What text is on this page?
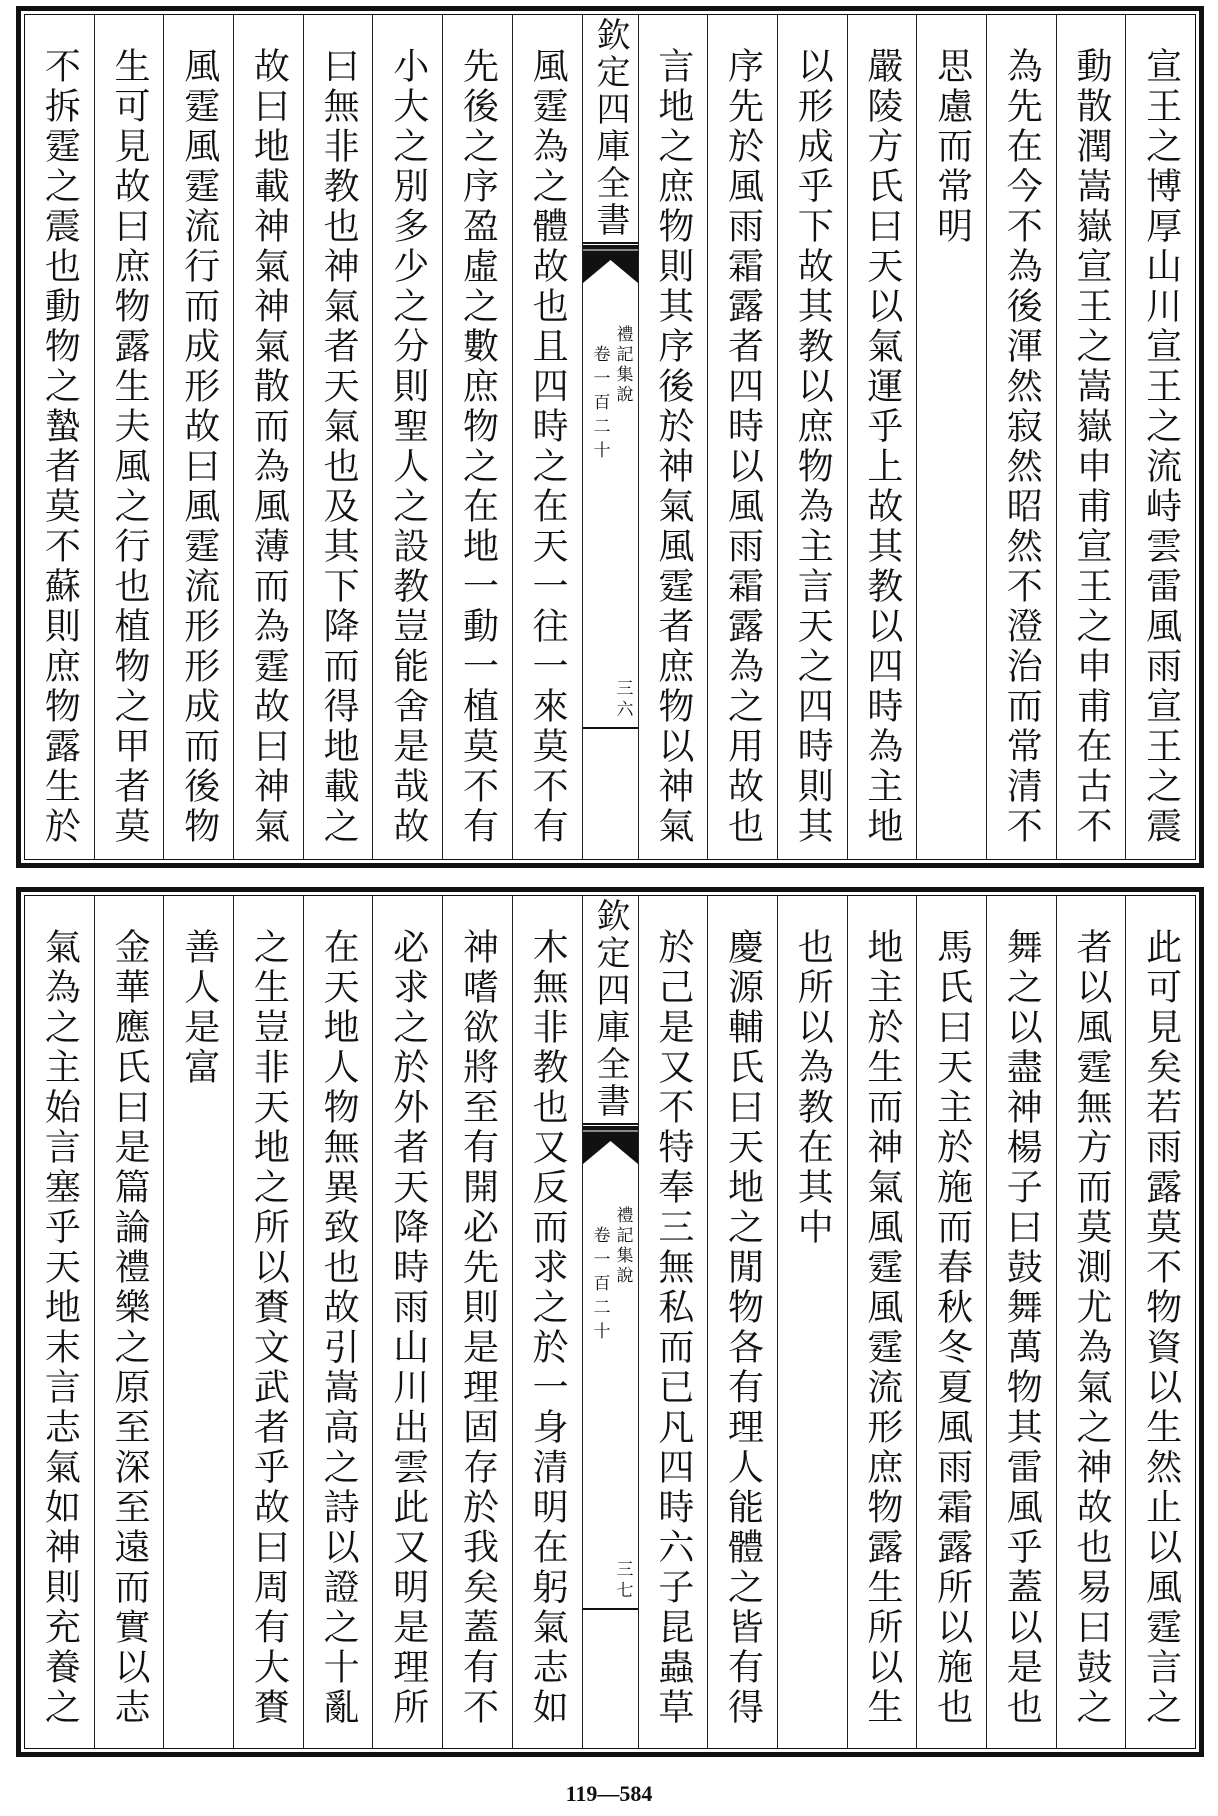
宣王之博厚山川宣王之流峙雲雷風雨宣王之震
動散潤嵩嶽宣王之嵩嶽申甫宣王之申甫在古不
為先在今不為後渾然寂然昭然不澄治而常清不
思慮而常明
嚴陵方氏曰天以氣運乎上故其教以四時為主地
以形成乎下故其教以庶物為主言天之四時則其
序先於風雨霜露者四時以風雨霜露為之用故也
言地之庶物則其序後於神氣風霆者庶物以神氣
欽定四庫全書
禮記集說
卷一百二十
三六
風霆為之體故也且四時之在天一往一來莫不有
先後之序盈虛之數庶物之在地一動一植莫不有
小大之別多少之分則聖人之設教豈能舍是哉故
曰無非教也神氣者天氣也及其下降而得地載之
故曰地載神氣神氣散而為風薄而為霆故曰神氣
風霆風霆流行而成形故曰風霆流形形成而後物
生可見故曰庶物露生夫風之行也植物之甲者莫
不拆霆之震也動物之蟄者莫不蘇則庶物露生於
此可見矣若雨露莫不物資以生然止以風霆言之
者以風霆無方而莫測尤為氣之神故也易曰鼓之
舞之以盡神楊子曰鼓舞萬物其雷風乎蓋以是也
馬氏曰天主於施而春秋冬夏風雨霜露所以施也
地主於生而神氣風霆風霆流形庶物露生所以生
也所以為教在其中
慶源輔氏曰天地之閒物各有理人能體之皆有得
於己是又不特奉三無私而已凡四時六子昆蟲草
欽定四庫全書
禮記集說
卷一百二十
三七
木無非教也又反而求之於一身清明在躬氣志如
神嗜欲將至有開必先則是理固存於我矣蓋有不
必求之於外者天降時雨山川出雲此又明是理所
在天地人物無異致也故引嵩高之詩以證之十亂
之生豈非天地之所以賚文武者乎故曰周有大賚
善人是富
金華應氏曰是篇論禮樂之原至深至遠而實以志
氣為之主始言塞乎天地末言志氣如神則充養之
119—584
